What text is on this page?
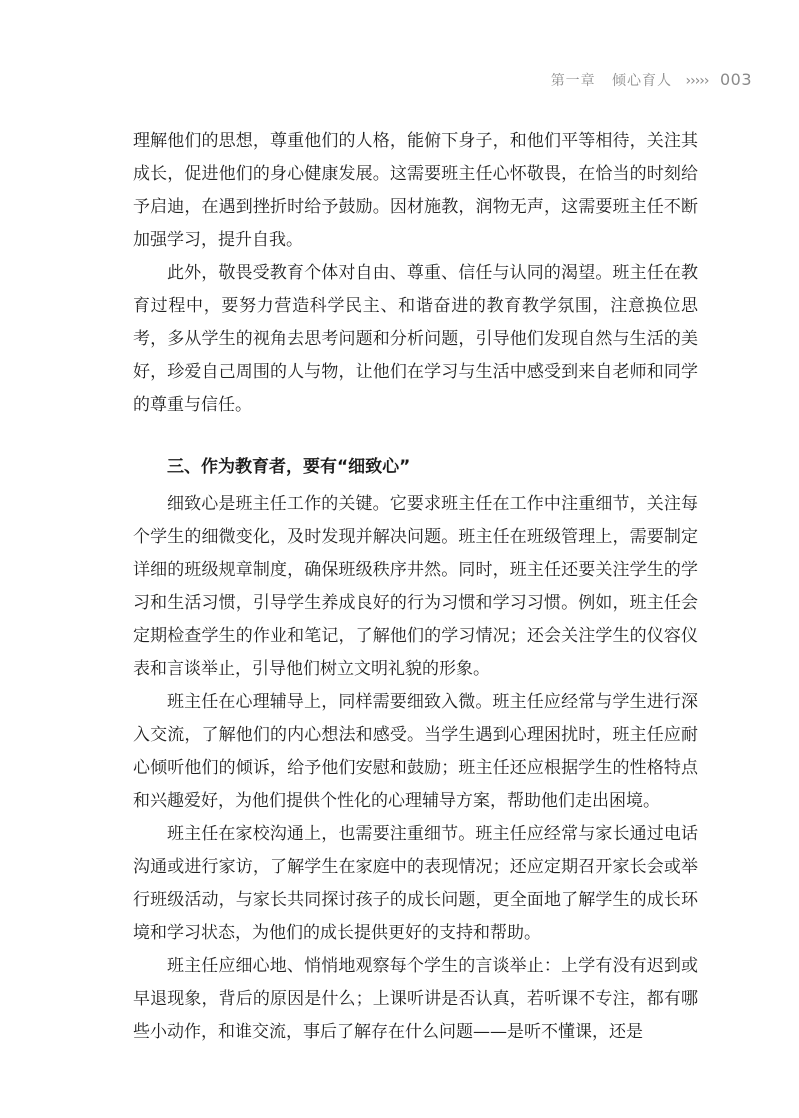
第一章 倾心育人 ››››› 003

理解他们的思想，尊重他们的人格，能俯下身子，和他们平等相待，关注其成长，促进他们的身心健康发展。这需要班主任心怀敬畏，在恰当的时刻给予启迪，在遇到挫折时给予鼓励。因材施教，润物无声，这需要班主任不断加强学习，提升自我。

此外，敬畏受教育个体对自由、尊重、信任与认同的渴望。班主任在教育过程中，要努力营造科学民主、和谐奋进的教育教学氛围，注意换位思考，多从学生的视角去思考问题和分析问题，引导他们发现自然与生活的美好，珍爱自己周围的人与物，让他们在学习与生活中感受到来自老师和同学的尊重与信任。

三、作为教育者，要有“细致心”

细致心是班主任工作的关键。它要求班主任在工作中注重细节，关注每个学生的细微变化，及时发现并解决问题。班主任在班级管理上，需要制定详细的班级规章制度，确保班级秩序井然。同时，班主任还要关注学生的学习和生活习惯，引导学生养成良好的行为习惯和学习习惯。例如，班主任会定期检查学生的作业和笔记，了解他们的学习情况；还会关注学生的仪容仪表和言谈举止，引导他们树立文明礼貌的形象。

班主任在心理辅导上，同样需要细致入微。班主任应经常与学生进行深入交流，了解他们的内心想法和感受。当学生遇到心理困扰时，班主任应耐心倾听他们的倾诉，给予他们安慰和鼓励；班主任还应根据学生的性格特点和兴趣爱好，为他们提供个性化的心理辅导方案，帮助他们走出困境。

班主任在家校沟通上，也需要注重细节。班主任应经常与家长通过电话沟通或进行家访，了解学生在家庭中的表现情况；还应定期召开家长会或举行班级活动，与家长共同探讨孩子的成长问题，更全面地了解学生的成长环境和学习状态，为他们的成长提供更好的支持和帮助。

班主任应细心地、悄悄地观察每个学生的言谈举止：上学有没有迟到或早退现象，背后的原因是什么；上课听讲是否认真，若听课不专注，都有哪些小动作，和谁交流，事后了解存在什么问题——是听不懂课，还是
